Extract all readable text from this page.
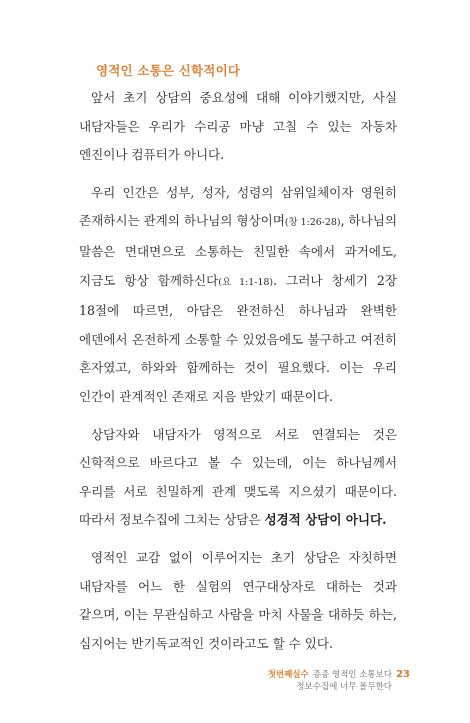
영적인 소통은 신학적이다

앞서 초기 상담의 중요성에 대해 이야기했지만, 사실 내담자들은 우리가 수리공 마냥 고칠 수 있는 자동차 엔진이나 컴퓨터가 아니다.

우리 인간은 성부, 성자, 성령의 삼위일체이자 영원히 존재하시는 관계의 하나님의 형상이며(창 1:26-28), 하나님의 말씀은 면대면으로 소통하는 친밀한 속에서 과거에도, 지금도 항상 함께하신다(요 1:1-18). 그러나 창세기 2장 18절에 따르면, 아담은 완전하신 하나님과 완벽한 에덴에서 온전하게 소통할 수 있었음에도 불구하고 여전히 혼자였고, 하와와 함께하는 것이 필요했다. 이는 우리 인간이 관계적인 존재로 지음 받았기 때문이다.

상담자와 내담자가 영적으로 서로 연결되는 것은 신학적으로 바르다고 볼 수 있는데, 이는 하나님께서 우리를 서로 친밀하게 관계 맺도록 지으셨기 때문이다. 따라서 정보수집에 그치는 상담은 성경적 상담이 아니다.

영적인 교감 없이 이루어지는 초기 상담은 자칫하면 내담자를 어느 한 실험의 연구대상자로 대하는 것과 같으며, 이는 무관심하고 사람을 마치 사물을 대하듯 하는, 심지어는 반기독교적인 것이라고도 할 수 있다.

첫번째실수 종종 영적인 소통보다 23
정보수집에 너무 몰두한다
